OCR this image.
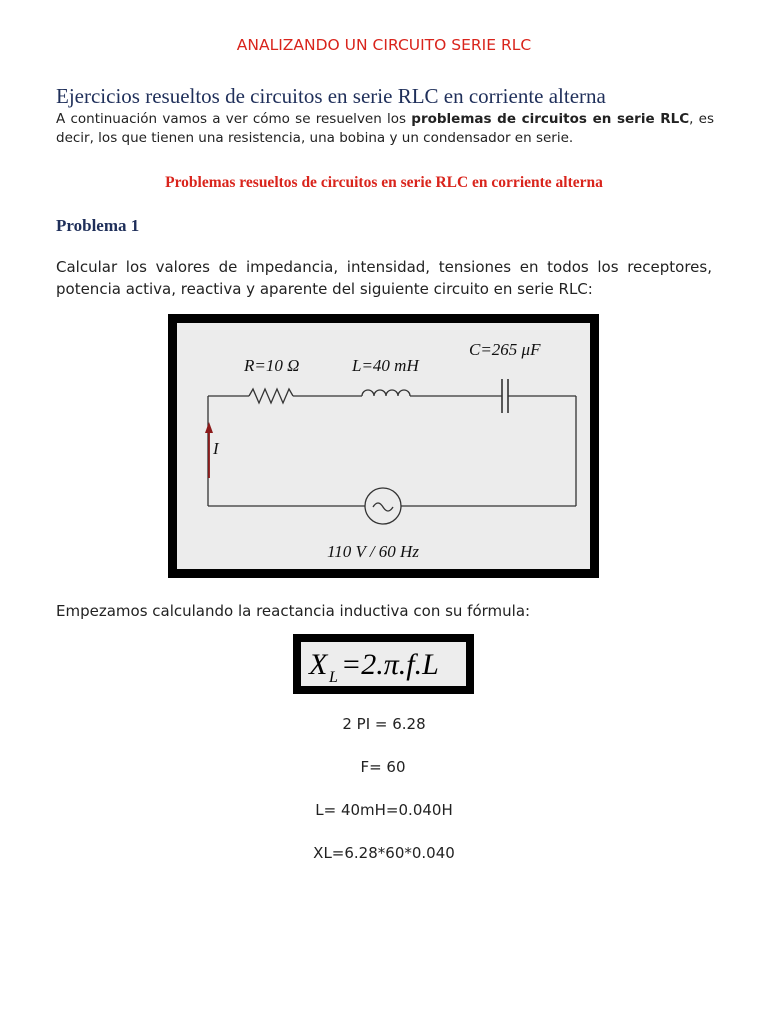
ANALIZANDO UN CIRCUITO SERIE RLC
Ejercicios resueltos de circuitos en serie RLC en corriente alterna

A continuación vamos a ver cómo se resuelven los problemas de circuitos en serie RLC, es decir, los que tienen una resistencia, una bobina y un condensador en serie.

Problemas resueltos de circuitos en serie RLC en corriente alterna
Problema 1

Calcular los valores de impedancia, intensidad, tensiones en todos los receptores, potencia activa, reactiva y aparente del siguiente circuito en serie RLC:

R=10 Ω	L=40 mH
C=265 μF
I
110 V / 60 Hz
Empezamos calculando la reactancia inductiva con su fórmula:
X L =2.π.f.L
2 PI = 6.28
F= 60
L= 40mH=0.040H
XL=6.28*60*0.040
